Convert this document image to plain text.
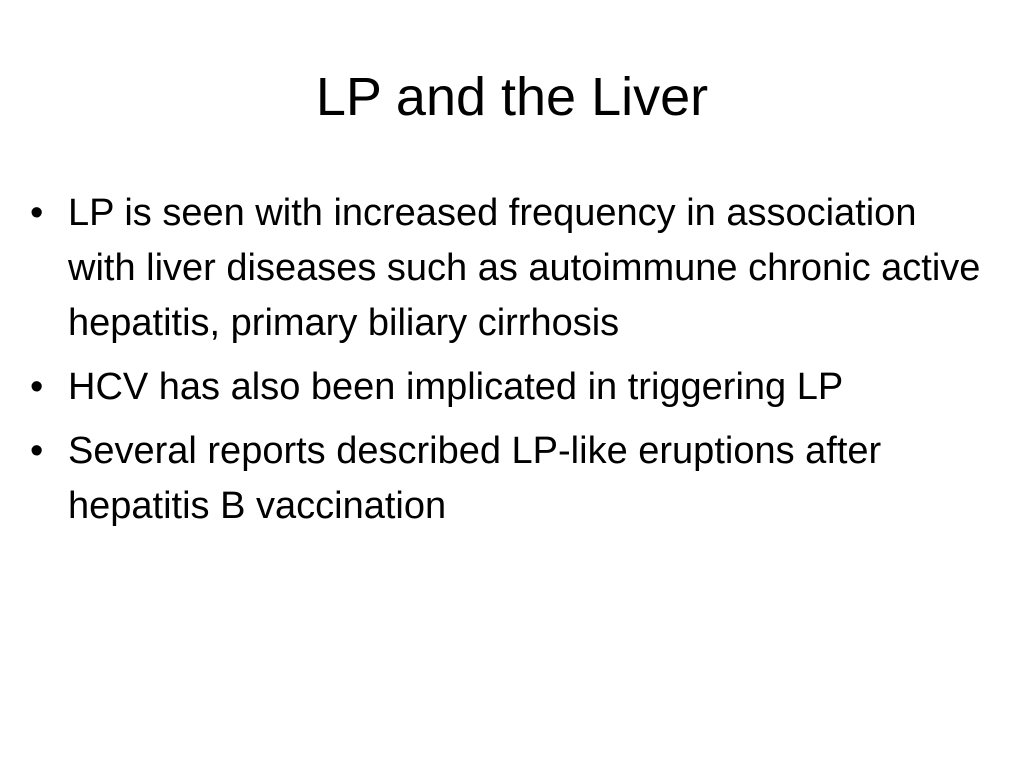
LP and the Liver
• LP is seen with increased frequency in association with liver diseases such as autoimmune chronic active hepatitis, primary biliary cirrhosis
• HCV has also been implicated in triggering LP
• Several reports described LP-like eruptions after hepatitis B vaccination
